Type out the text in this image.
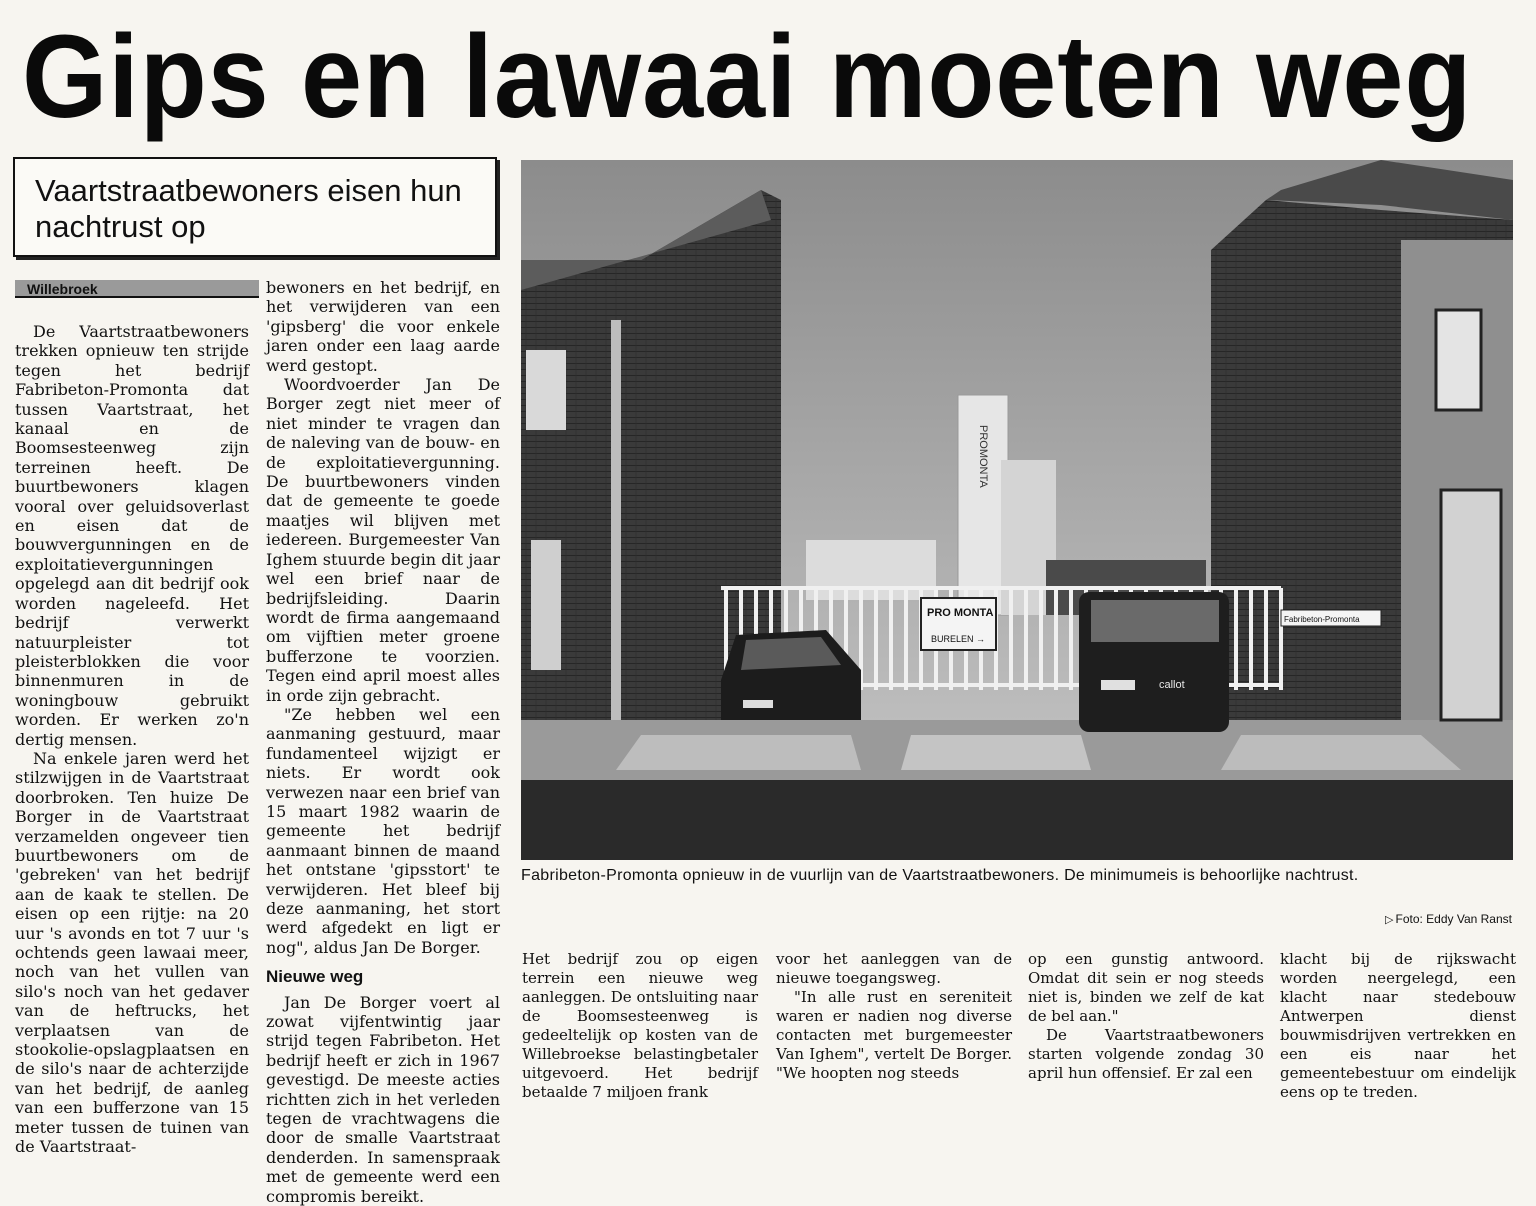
Gips en lawaai moeten weg
Vaartstraatbewoners eisen hun nachtrust op
Willebroek

De Vaartstraatbewoners trekken opnieuw ten strijde tegen het bedrijf Fabribeton-Promonta dat tussen Vaartstraat, het kanaal en de Boomsesteenweg zijn terreinen heeft. De buurtbewoners klagen vooral over geluidsoverlast en eisen dat de bouwvergunningen en de exploitatievergunningen opgelegd aan dit bedrijf ook worden nageleefd. Het bedrijf verwerkt natuurpleister tot pleisterblokken die voor binnenmuren in de woningbouw gebruikt worden. Er werken zo'n dertig mensen.

Na enkele jaren werd het stilzwijgen in de Vaartstraat doorbroken. Ten huize De Borger in de Vaartstraat verzamelden ongeveer tien buurtbewoners om de 'gebreken' van het bedrijf aan de kaak te stellen. De eisen op een rijtje: na 20 uur 's avonds en tot 7 uur 's ochtends geen lawaai meer, noch van het vullen van silo's noch van het gedaver van de heftrucks, het verplaatsen van de stookolie-opslagplaatsen en de silo's naar de achterzijde van het bedrijf, de aanleg van een bufferzone van 15 meter tussen de tuinen van de Vaartstraat-

bewoners en het bedrijf, en het verwijderen van een 'gipsberg' die voor enkele jaren onder een laag aarde werd gestopt.

Woordvoerder Jan De Borger zegt niet meer of niet minder te vragen dan de naleving van de bouw- en de exploitatievergunning. De buurtbewoners vinden dat de gemeente te goede maatjes wil blijven met iedereen. Burgemeester Van Ighem stuurde begin dit jaar wel een brief naar de bedrijfsleiding. Daarin wordt de firma aangemaand om vijftien meter groene bufferzone te voorzien. Tegen eind april moest alles in orde zijn gebracht.

"Ze hebben wel een aanmaning gestuurd, maar fundamenteel wijzigt er niets. Er wordt ook verwezen naar een brief van 15 maart 1982 waarin de gemeente het bedrijf aanmaant binnen de maand het ontstane 'gipsstort' te verwijderen. Het bleef bij deze aanmaning, het stort werd afgedekt en ligt er nog", aldus Jan De Borger.

Nieuwe weg

Jan De Borger voert al zowat vijfentwintig jaar strijd tegen Fabribeton. Het bedrijf heeft er zich in 1967 gevestigd. De meeste acties richtten zich in het verleden tegen de vrachtwagens die door de smalle Vaartstraat denderden. In samenspraak met de gemeente werd een compromis bereikt.

PROMONTA
PRO MONTA
BURELEN →
Fabribeton-Promonta
callot
Fabribeton-Promonta opnieuw in de vuurlijn van de Vaartstraatbewoners. De minimumeis is behoorlijke nachtrust.
▷ Foto: Eddy Van Ranst

Het bedrijf zou op eigen terrein een nieuwe weg aanleggen. De ontsluiting naar de Boomsesteenweg is gedeeltelijk op kosten van de Willebroekse belastingbetaler uitgevoerd. Het bedrijf betaalde 7 miljoen frank

voor het aanleggen van de nieuwe toegangsweg.

"In alle rust en sereniteit waren er nadien nog diverse contacten met burgemeester Van Ighem", vertelt De Borger. "We hoopten nog steeds

op een gunstig antwoord. Omdat dit sein er nog steeds niet is, binden we zelf de kat de bel aan."

De Vaartstraatbewoners starten volgende zondag 30 april hun offensief. Er zal een

klacht bij de rijkswacht worden neergelegd, een klacht naar stedebouw Antwerpen dienst bouwmisdrijven vertrekken en een eis naar het gemeentebestuur om eindelijk eens op te treden.
